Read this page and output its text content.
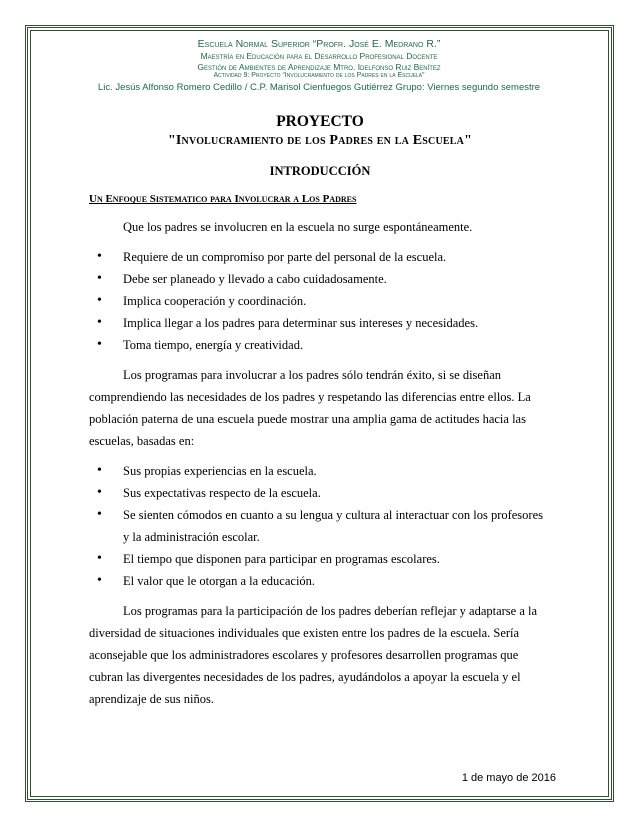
Escuela Normal Superior “Profr. José E. Medrano R.”
Maestría en Educación para el Desarrollo Profesional Docente
Gestión de Ambientes de Aprendizaje Mtro. Idelfonso Ruiz Benítez
Actividad 9: Proyecto “Involucramiento de los Padres en la Escuela”
Lic. Jesús Alfonso Romero Cedillo / C.P. Marisol Cienfuegos Gutiérrez Grupo: Viernes segundo semestre
PROYECTO
"Involucramiento de los Padres en la Escuela"
INTRODUCCIÓN
Un Enfoque Sistematico para Involucrar a Los Padres

Que los padres se involucren en la escuela no surge espontáneamente.

• Requiere de un compromiso por parte del personal de la escuela.
• Debe ser planeado y llevado a cabo cuidadosamente.
• Implica cooperación y coordinación.
• Implica llegar a los padres para determinar sus intereses y necesidades.
• Toma tiempo, energía y creatividad.

Los programas para involucrar a los padres sólo tendrán éxito, si se diseñan comprendiendo las necesidades de los padres y respetando las diferencias entre ellos. La población paterna de una escuela puede mostrar una amplia gama de actitudes hacia las escuelas, basadas en:

• Sus propias experiencias en la escuela.
• Sus expectativas respecto de la escuela.
• Se sienten cómodos en cuanto a su lengua y cultura al interactuar con los profesores y la administración escolar.
• El tiempo que disponen para participar en programas escolares.
• El valor que le otorgan a la educación.

Los programas para la participación de los padres deberían reflejar y adaptarse a la diversidad de situaciones individuales que existen entre los padres de la escuela. Sería aconsejable que los administradores escolares y profesores desarrollen programas que cubran las divergentes necesidades de los padres, ayudándolos a apoyar la escuela y el aprendizaje de sus niños.

1 de mayo de 2016
